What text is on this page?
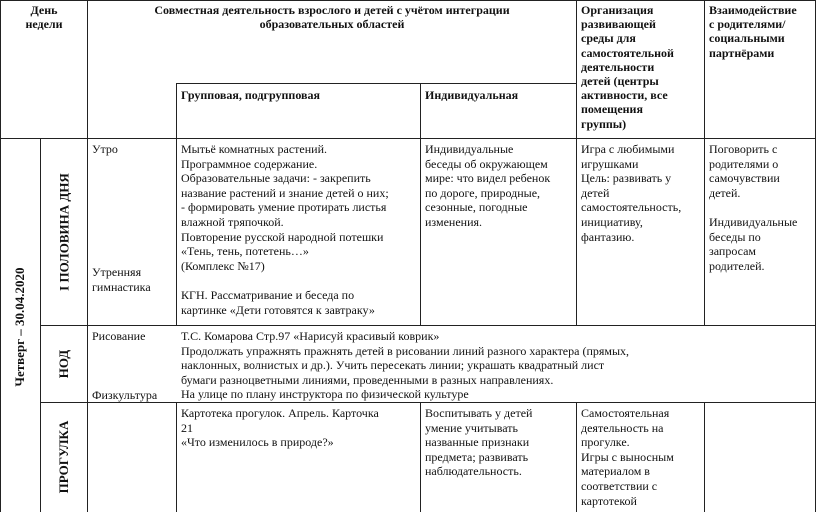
День
недели
Совместная деятельность взрослого и детей с учётом интеграции
образовательных областей
Организация
развивающей
среды для
самостоятельной
деятельности
детей (центры
активности, все
помещения
группы)
Взаимодействие
с родителями/
социальными
партнёрами
Групповая, подгрупповая	Индивидуальная
Четверг – 30.04.2020
I ПОЛОВИНА ДНЯ
НОД
ПРОГУЛКА
Утро
Утренняя
гимнастика
Мытьё комнатных растений.
Программное содержание.
Образовательные задачи: - закрепить
название растений и знание детей о них;
- формировать умение протирать листья
влажной тряпочкой.
Повторение русской народной потешки
«Тень, тень, потетень…»
(Комплекс №17)

КГН. Рассматривание и беседа по
картинке «Дети готовятся к завтраку»
Индивидуальные
беседы об окружающем
мире: что видел ребенок
по дороге, природные,
сезонные, погодные
изменения.
Игра с любимыми
игрушками
Цель: развивать у
детей
самостоятельность,
инициативу,
фантазию.
Поговорить с
родителями о
самочувствии
детей.

Индивидуальные
беседы по
запросам
родителей.
Рисование
Физкультура
Т.С. Комарова Стр.97 «Нарисуй красивый коврик»
Продолжать упражнять пражнять детей в рисовании линий разного характера (прямых,
наклонных, волнистых и др.). Учить пересекать линии; украшать квадратный лист
бумаги разноцветными линиями, проведенными в разных направлениях.
На улице по плану инструктора по физической культуре
Картотека прогулок. Апрель. Карточка
21
«Что изменилось в природе?»
Воспитывать у детей
умение учитывать
названные признаки
предмета; развивать
наблюдательность.
Самостоятельная
деятельность на
прогулке.
Игры с выносным
материалом в
соответствии с
картотекой
